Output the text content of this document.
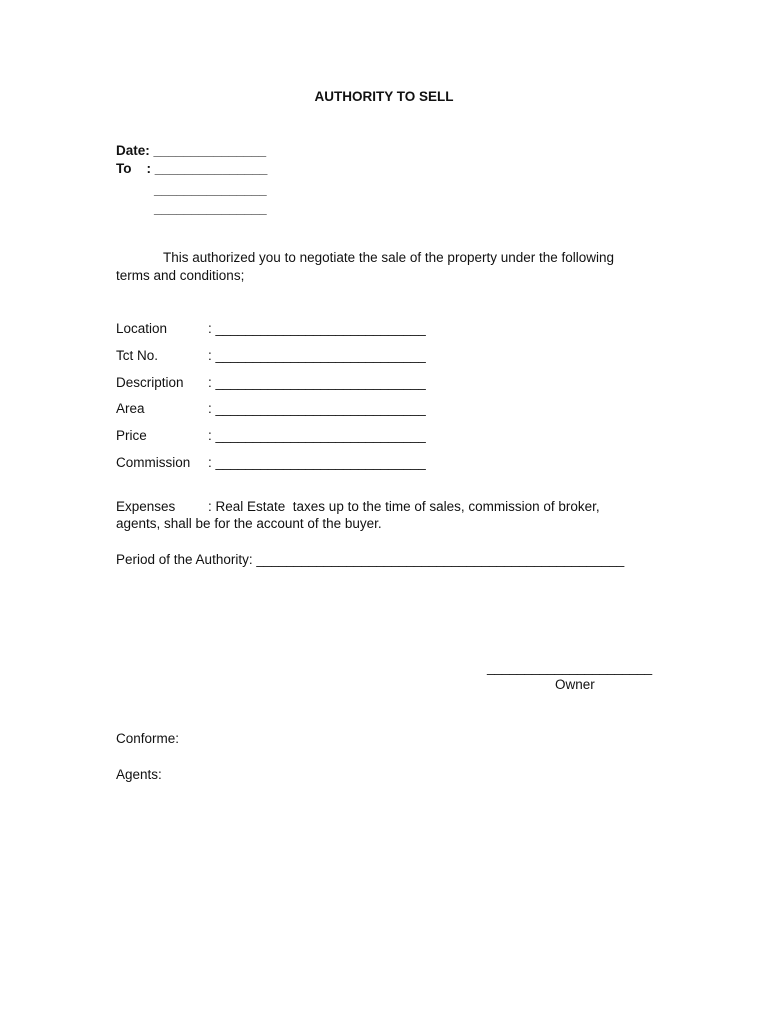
AUTHORITY TO SELL
Date: _______________
To    : _______________
_______________
_______________
This authorized you to negotiate the sale of the property under the following
terms and conditions;
Location	: ____________________________
Tct No.	: ____________________________
Description : ____________________________
Area	: ____________________________
Price	: ____________________________
Commission : ____________________________
Expenses : Real Estate  taxes up to the time of sales, commission of broker,
agents, shall be for the account of the buyer.
Period of the Authority: _________________________________________________
______________________
Owner
Conforme:
Agents:
